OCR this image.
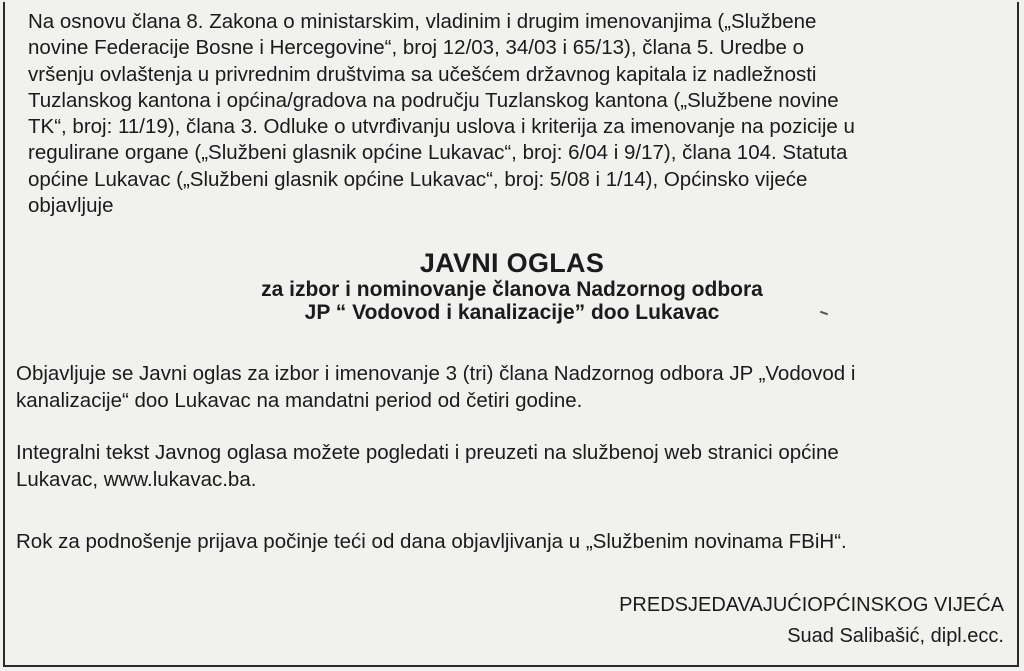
Na osnovu člana 8. Zakona o ministarskim, vladinim i drugim imenovanjima („Službene
novine Federacije Bosne i Hercegovine“, broj 12/03, 34/03 i 65/13), člana 5. Uredbe o
vršenju ovlaštenja u privrednim društvima sa učešćem državnog kapitala iz nadležnosti
Tuzlanskog kantona i općina/gradova na području Tuzlanskog kantona („Službene novine
TK“, broj: 11/19), člana 3. Odluke o utvrđivanju uslova i kriterija za imenovanje na pozicije u
regulirane organe („Službeni glasnik općine Lukavac“, broj: 6/04 i 9/17), člana 104. Statuta
općine Lukavac („Službeni glasnik općine Lukavac“, broj: 5/08 i 1/14), Općinsko vijeće
objavljuje
JAVNI OGLAS
za izbor i nominovanje članova Nadzornog odbora
JP “ Vodovod i kanalizacije” doo Lukavac
Objavljuje se Javni oglas za izbor i imenovanje 3 (tri) člana Nadzornog odbora JP „Vodovod i
kanalizacije“ doo Lukavac na mandatni period od četiri godine.
Integralni tekst Javnog oglasa možete pogledati i preuzeti na službenoj web stranici općine
Lukavac, www.lukavac.ba.
Rok za podnošenje prijava počinje teći od dana objavljivanja u „Službenim novinama FBiH“.
PREDSJEDAVAJUĆIOPĆINSKOG VIJEĆA
Suad Salibašić, dipl.ecc.
